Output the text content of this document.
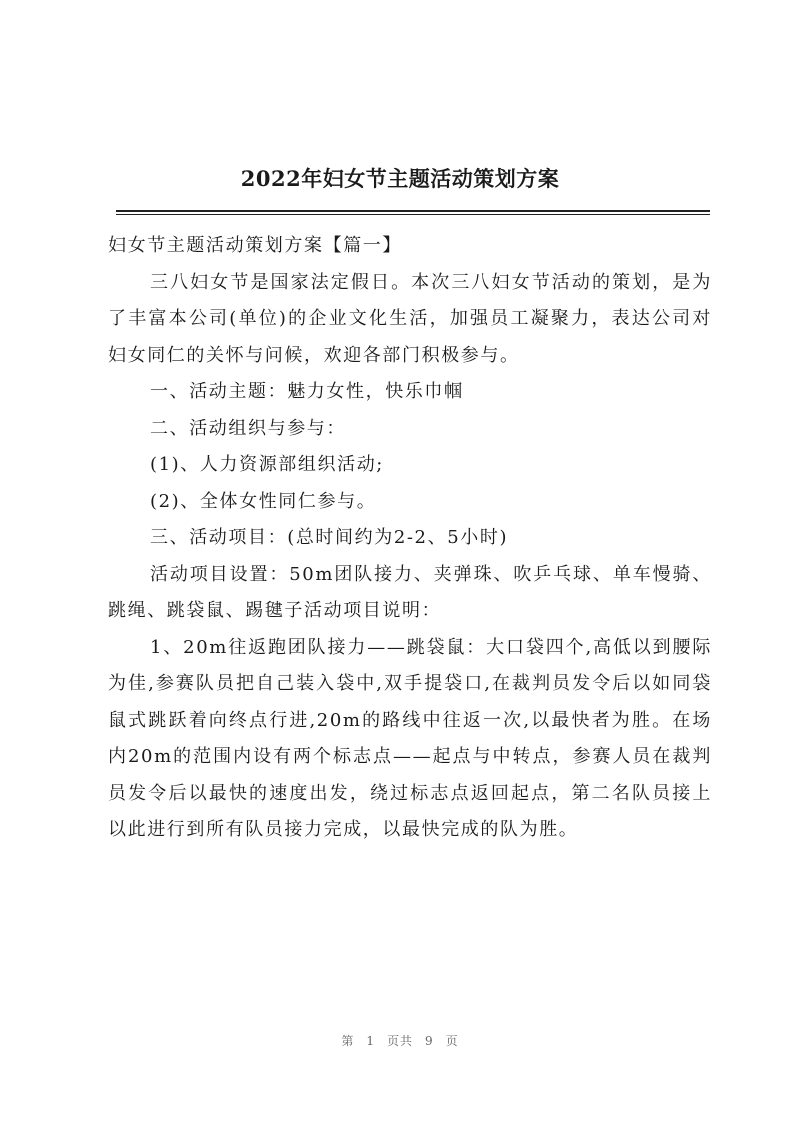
2022年妇女节主题活动策划方案

妇女节主题活动策划方案【篇一】

三八妇女节是国家法定假日。本次三八妇女节活动的策划，是为了丰富本公司(单位)的企业文化生活，加强员工凝聚力，表达公司对妇女同仁的关怀与问候，欢迎各部门积极参与。

一、活动主题：魅力女性，快乐巾帼

二、活动组织与参与：

(1)、人力资源部组织活动;

(2)、全体女性同仁参与。

三、活动项目：(总时间约为2-2、5小时)

活动项目设置：50m团队接力、夹弹珠、吹乒乓球、单车慢骑、跳绳、跳袋鼠、踢毽子活动项目说明：

1、20m往返跑团队接力——跳袋鼠：大口袋四个,高低以到腰际为佳,参赛队员把自己装入袋中,双手提袋口,在裁判员发令后以如同袋鼠式跳跃着向终点行进,20m的路线中往返一次,以最快者为胜。在场内20m的范围内设有两个标志点——起点与中转点，参赛人员在裁判员发令后以最快的速度出发，绕过标志点返回起点，第二名队员接上以此进行到所有队员接力完成，以最快完成的队为胜。

第 1 页共 9 页
